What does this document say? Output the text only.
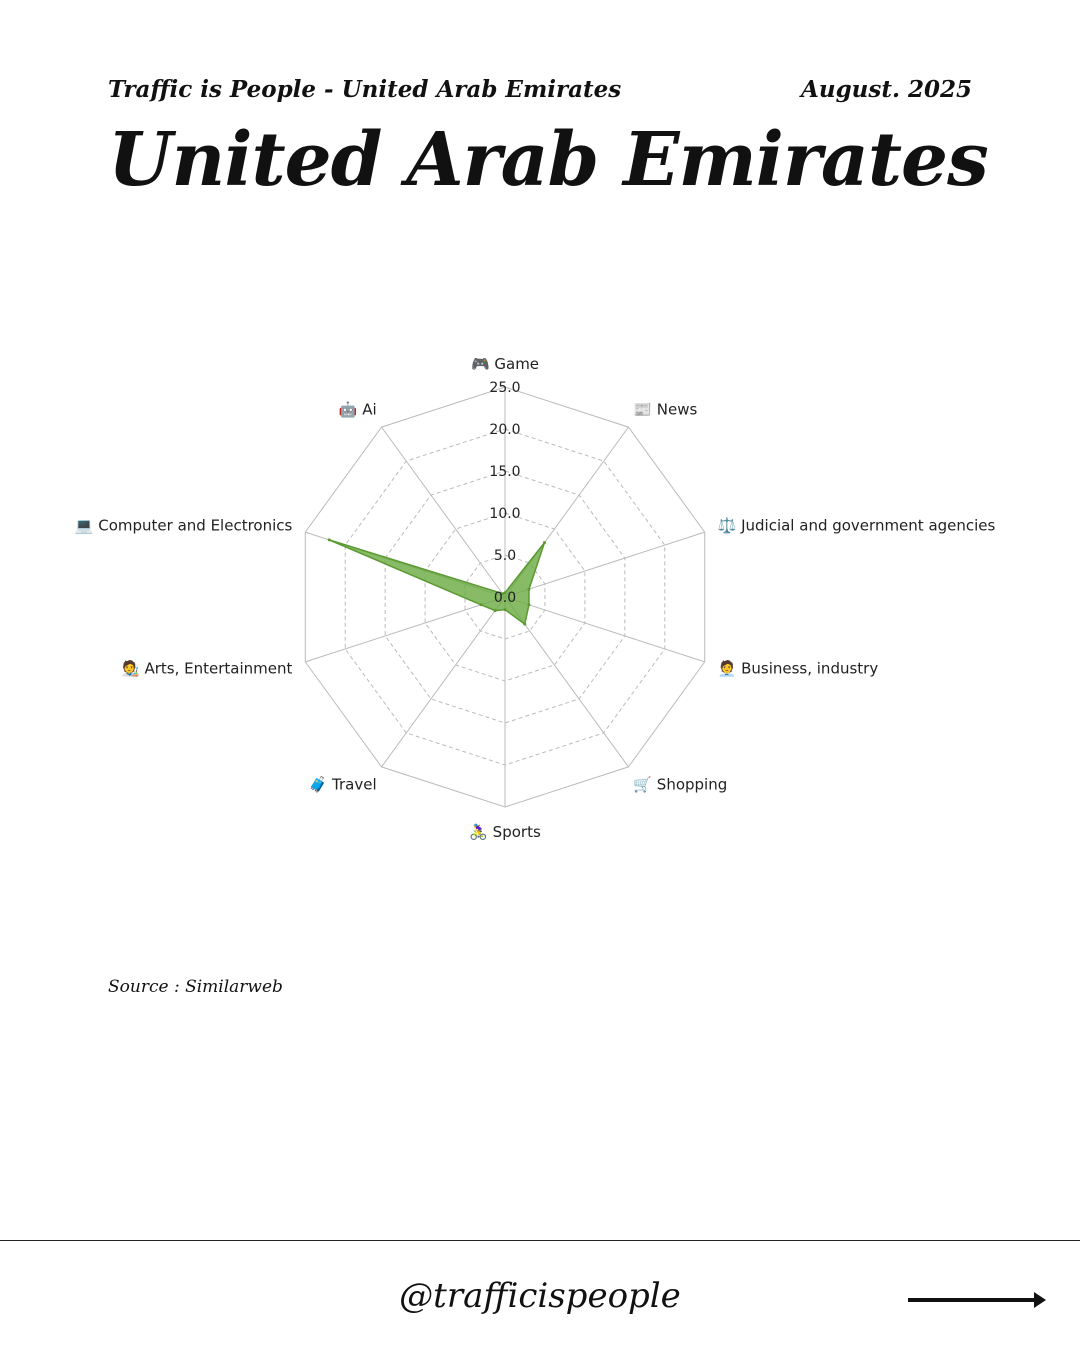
Traffic is People - United Arab Emirates	August. 2025
United Arab Emirates
0.0
5.0
10.0
15.0
20.0
25.0
🎮 Game
📰 News
⚖️ Judicial and government agencies
🧑‍💼 Business, industry
🛒 Shopping
🚴‍♀️ Sports
🧳 Travel
🧑‍🎨 Arts, Entertainment
💻 Computer and Electronics
🤖 Ai
Source : Similarweb
@trafficispeople
